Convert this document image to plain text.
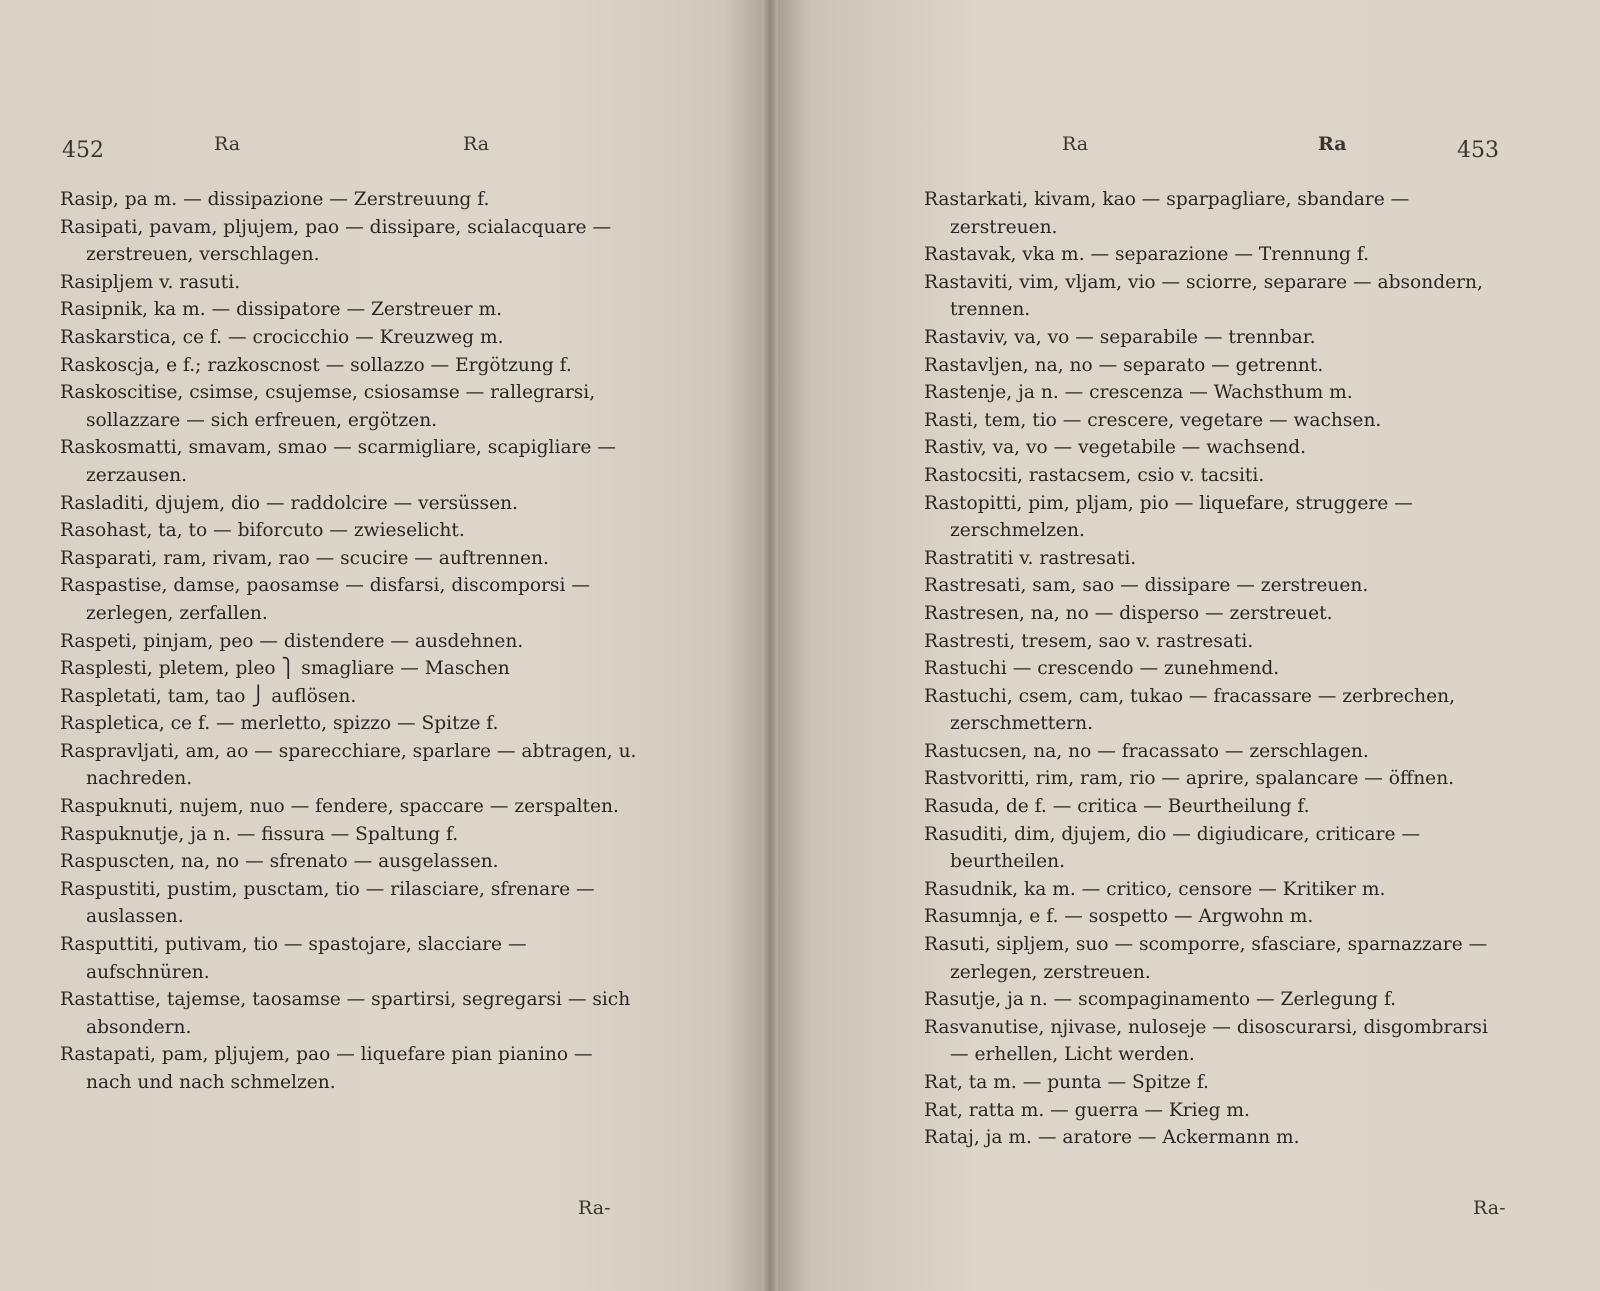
452	Ra	Ra	Ra	Ra	453
Rasip, pa m. — dissipazione — Zerstreuung f.
Rasipati, pavam, pljujem, pao — dissipare, scialacquare — zerstreuen, verschlagen.
Rasipljem v. rasuti.
Rasipnik, ka m. — dissipatore — Zerstreuer m.
Raskarstica, ce f. — crocicchio — Kreuzweg m.
Raskoscja, e f.; razkoscnost — sollazzo — Ergötzung f.
Raskoscitise, csimse, csujemse, csiosamse — rallegrarsi, sollazzare — sich erfreuen, ergötzen.
Raskosmatti, smavam, smao — scarmigliare, scapigliare — zerzausen.
Rasladiti, djujem, dio — raddolcire — versüssen.
Rasohast, ta, to — biforcuto — zwieselicht.
Rasparati, ram, rivam, rao — scucire — auftrennen.
Raspastise, damse, paosamse — disfarsi, discomporsi — zerlegen, zerfallen.
Raspeti, pinjam, peo — distendere — ausdehnen.
Rasplesti, pletem, pleo ⎫ smagliare — Maschen
Raspletati, tam, tao ⎭ auflösen.
Raspletica, ce f. — merletto, spizzo — Spitze f.
Raspravljati, am, ao — sparecchiare, sparlare — abtragen, u. nachreden.
Raspuknuti, nujem, nuo — fendere, spaccare — zerspalten.
Raspuknutje, ja n. — fissura — Spaltung f.
Raspuscten, na, no — sfrenato — ausgelassen.
Raspustiti, pustim, pusctam, tio — rilasciare, sfrenare — auslassen.
Rasputtiti, putivam, tio — spastojare, slacciare — aufschnüren.
Rastattise, tajemse, taosamse — spartirsi, segregarsi — sich absondern.
Rastapati, pam, pljujem, pao — liquefare pian pianino — nach und nach schmelzen.
Rastarkati, kivam, kao — sparpagliare, sbandare — zerstreuen.
Rastavak, vka m. — separazione — Trennung f.
Rastaviti, vim, vljam, vio — sciorre, separare — absondern, trennen.
Rastaviv, va, vo — separabile — trennbar.
Rastavljen, na, no — separato — getrennt.
Rastenje, ja n. — crescenza — Wachsthum m.
Rasti, tem, tio — crescere, vegetare — wachsen.
Rastiv, va, vo — vegetabile — wachsend.
Rastocsiti, rastacsem, csio v. tacsiti.
Rastopitti, pim, pljam, pio — liquefare, struggere — zerschmelzen.
Rastratiti v. rastresati.
Rastresati, sam, sao — dissipare — zerstreuen.
Rastresen, na, no — disperso — zerstreuet.
Rastresti, tresem, sao v. rastresati.
Rastuchi — crescendo — zunehmend.
Rastuchi, csem, cam, tukao — fracassare — zerbrechen, zerschmettern.
Rastucsen, na, no — fracassato — zerschlagen.
Rastvoritti, rim, ram, rio — aprire, spalancare — öffnen.
Rasuda, de f. — critica — Beurtheilung f.
Rasuditi, dim, djujem, dio — digiudicare, criticare — beurtheilen.
Rasudnik, ka m. — critico, censore — Kritiker m.
Rasumnja, e f. — sospetto — Argwohn m.
Rasuti, sipljem, suo — scomporre, sfasciare, sparnazzare — zerlegen, zerstreuen.
Rasutje, ja n. — scompaginamento — Zerlegung f.
Rasvanutise, njivase, nuloseje — disoscurarsi, disgombrarsi — erhellen, Licht werden.
Rat, ta m. — punta — Spitze f.
Rat, ratta m. — guerra — Krieg m.
Rataj, ja m. — aratore — Ackermann m.
Ra-	Ra-
